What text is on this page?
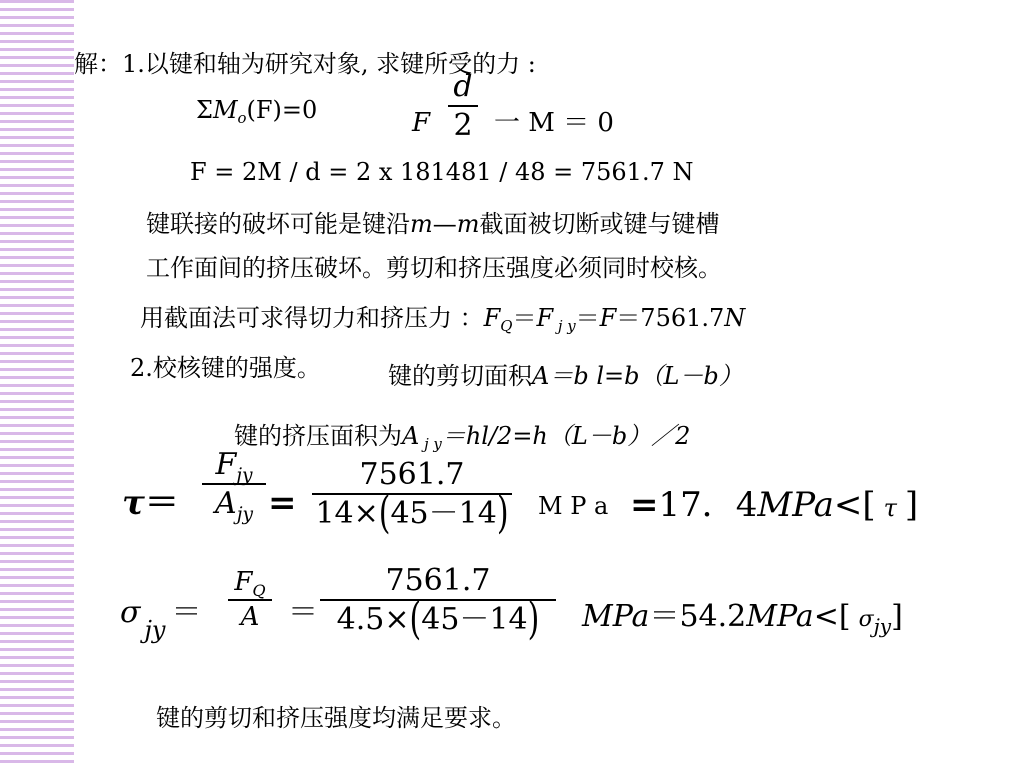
解：1.以键和轴为研究对象, 求键所受的力 :
$\Sigma M_o(F)=0$	F
d
2 一 M ＝ 0
F = 2M / d = 2 x 181481 / 48 = 7561.7 N
键联接的破坏可能是键沿m—m截面被切断或键与键槽
工作面间的挤压破坏。剪切和挤压强度必须同时校核。
用截面法可求得切力和挤压力 ：$F_Q=F$ $_{j y}$＝F＝7561.7N
2.校核键的强度。	键的剪切面积A＝b l=b（L－b）
键的挤压面积为A $_{j y}$＝hl/2=h（L－b）／2
τ＝
$F_{jy}$
$A_{jy}$ =
7561.7
14×(45－14) M P a =17．4MPa<[ τ ]
σ $_{jy}$ ＝
$F_Q$
A ＝
7561.7
4.5×(45－14) MPa＝54.2MPa<[ $\sigma_{jy}$]
键的剪切和挤压强度均满足要求。
